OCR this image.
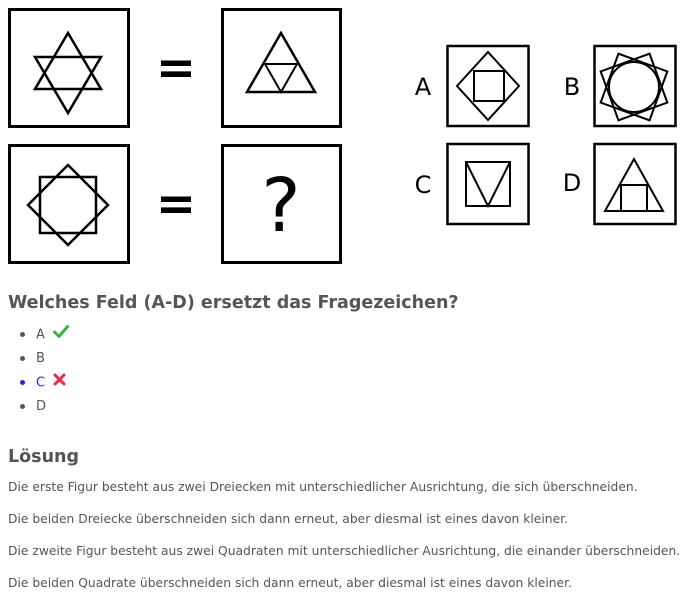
=
= ?
A	B
C	D
Welches Feld (A-D) ersetzt das Fragezeichen?
A
B
C
D
Lösung

Die erste Figur besteht aus zwei Dreiecken mit unterschiedlicher Ausrichtung, die sich überschneiden.

Die beiden Dreiecke überschneiden sich dann erneut, aber diesmal ist eines davon kleiner.

Die zweite Figur besteht aus zwei Quadraten mit unterschiedlicher Ausrichtung, die einander überschneiden.

Die beiden Quadrate überschneiden sich dann erneut, aber diesmal ist eines davon kleiner.
